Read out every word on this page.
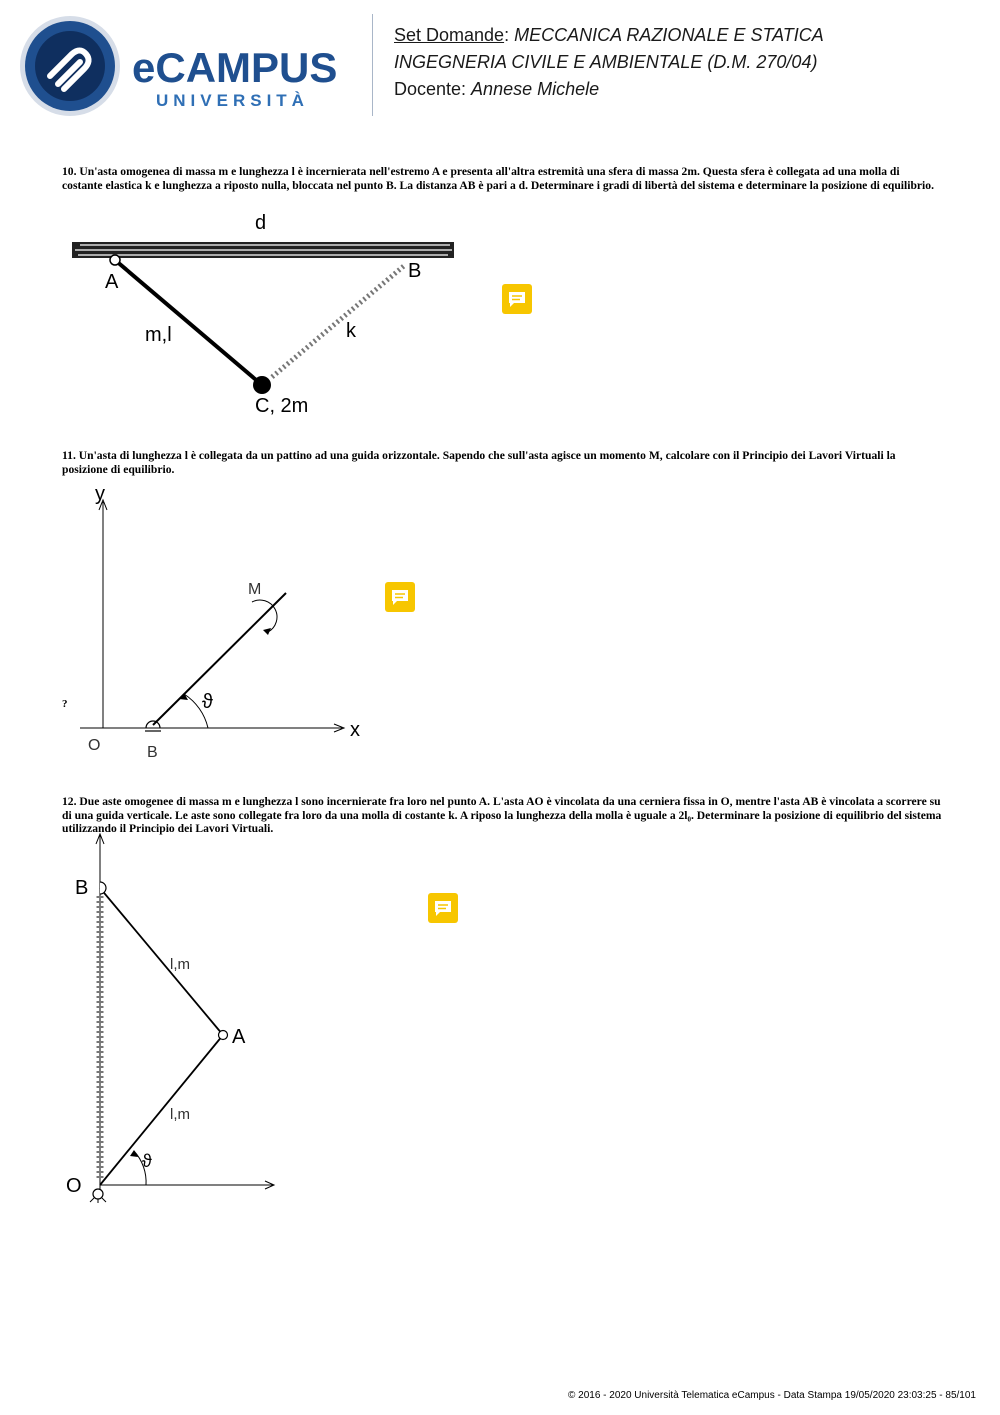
eCAMPUS
UNIVERSITÀ
Set Domande: MECCANICA RAZIONALE E STATICA
INGEGNERIA CIVILE E AMBIENTALE (D.M. 270/04)
Docente: Annese Michele
10. Un'asta omogenea di massa m e lunghezza l è incernierata nell'estremo A e presenta all'altra estremità una sfera di massa 2m. Questa sfera è collegata ad una molla di costante elastica k e lunghezza a riposto nulla, bloccata nel punto B. La distanza AB è pari a d. Determinare i gradi di libertà del sistema e determinare la posizione di equilibrio.
d
A	B
m,l	k
C, 2m
11. Un'asta di lunghezza l è collegata da un pattino ad una guida orizzontale. Sapendo che sull'asta agisce un momento M, calcolare con il Principio dei Lavori Virtuali la posizione di equilibrio.
y
x
O	B
ϑ
M
?
12. Due aste omogenee di massa m e lunghezza l sono incernierate fra loro nel punto A. L'asta AO è vincolata da una cerniera fissa in O, mentre l'asta AB è vincolata a scorrere su di una guida verticale. Le aste sono collegate fra loro da una molla di costante k. A riposo la lunghezza della molla è uguale a 2l₀. Determinare la posizione di equilibrio del sistema utilizzando il Principio dei Lavori Virtuali.
B
A
O
l,m
l,m
ϑ
© 2016 - 2020 Università Telematica eCampus - Data Stampa 19/05/2020 23:03:25 - 85/101
